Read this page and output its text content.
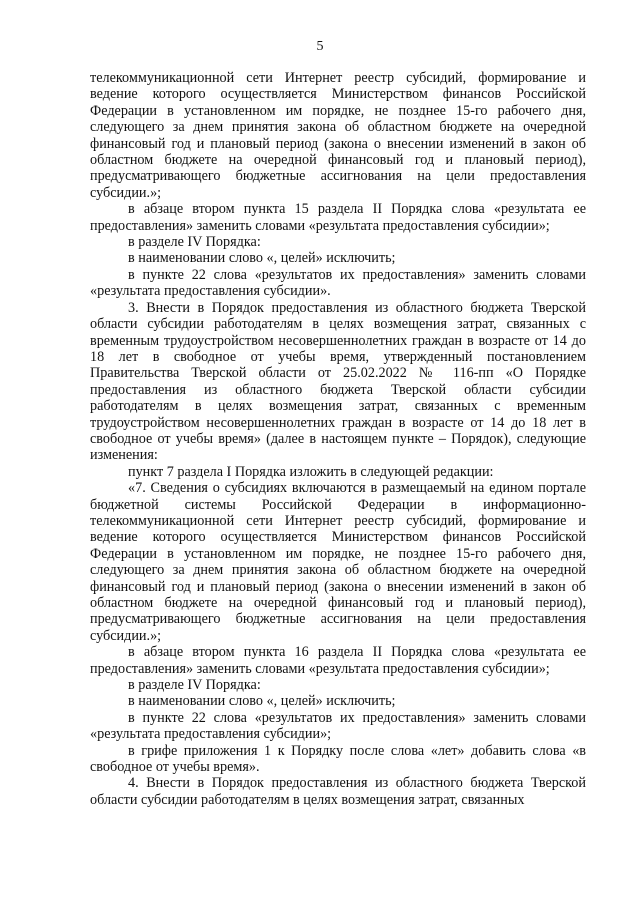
5

телекоммуникационной сети Интернет реестр субсидий, формирование и ведение которого осуществляется Министерством финансов Российской Федерации в установленном им порядке, не позднее 15-го рабочего дня, следующего за днем принятия закона об областном бюджете на очередной финансовый год и плановый период (закона о внесении изменений в закон об областном бюджете на очередной финансовый год и плановый период), предусматривающего бюджетные ассигнования на цели предоставления субсидии.»;

в абзаце втором пункта 15 раздела II Порядка слова «результата ее предоставления» заменить словами «результата предоставления субсидии»;

в разделе IV Порядка:

в наименовании слово «, целей» исключить;

в пункте 22 слова «результатов их предоставления» заменить словами «результата предоставления субсидии».

3. Внести в Порядок предоставления из областного бюджета Тверской области субсидии работодателям в целях возмещения затрат, связанных с временным трудоустройством несовершеннолетних граждан в возрасте от 14 до 18 лет в свободное от учебы время, утвержденный постановлением Правительства Тверской области от 25.02.2022 № 116-пп «О Порядке предоставления из областного бюджета Тверской области субсидии работодателям в целях возмещения затрат, связанных с временным трудоустройством несовершеннолетних граждан в возрасте от 14 до 18 лет в свободное от учебы время» (далее в настоящем пункте – Порядок), следующие изменения:

пункт 7 раздела I Порядка изложить в следующей редакции:

«7. Сведения о субсидиях включаются в размещаемый на едином портале бюджетной системы Российской Федерации в информационно-телекоммуникационной сети Интернет реестр субсидий, формирование и ведение которого осуществляется Министерством финансов Российской Федерации в установленном им порядке, не позднее 15-го рабочего дня, следующего за днем принятия закона об областном бюджете на очередной финансовый год и плановый период (закона о внесении изменений в закон об областном бюджете на очередной финансовый год и плановый период), предусматривающего бюджетные ассигнования на цели предоставления субсидии.»;

в абзаце втором пункта 16 раздела II Порядка слова «результата ее предоставления» заменить словами «результата предоставления субсидии»;

в разделе IV Порядка:

в наименовании слово «, целей» исключить;

в пункте 22 слова «результатов их предоставления» заменить словами «результата предоставления субсидии»;

в грифе приложения 1 к Порядку после слова «лет» добавить слова «в свободное от учебы время».

4. Внести в Порядок предоставления из областного бюджета Тверской области субсидии работодателям в целях возмещения затрат, связанных
